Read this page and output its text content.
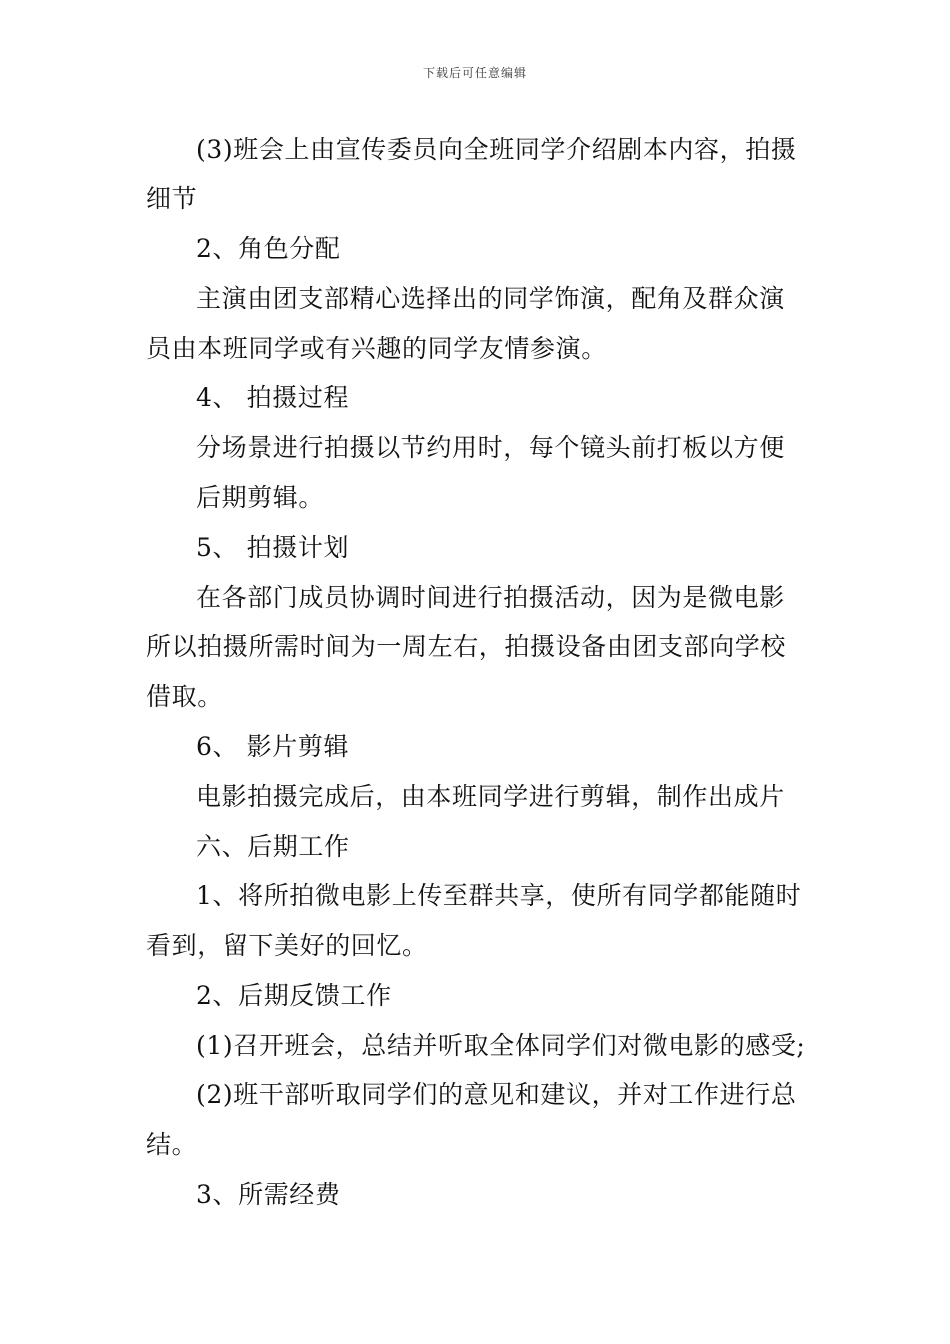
下载后可任意编辑
(3)班会上由宣传委员向全班同学介绍剧本内容，拍摄
细节
2、角色分配
主演由团支部精心选择出的同学饰演，配角及群众演
员由本班同学或有兴趣的同学友情参演。
4、 拍摄过程
分场景进行拍摄以节约用时，每个镜头前打板以方便
后期剪辑。
5、 拍摄计划
在各部门成员协调时间进行拍摄活动，因为是微电影
所以拍摄所需时间为一周左右，拍摄设备由团支部向学校
借取。
6、 影片剪辑
电影拍摄完成后，由本班同学进行剪辑，制作出成片
六、后期工作
1、将所拍微电影上传至群共享，使所有同学都能随时
看到，留下美好的回忆。
2、后期反馈工作
(1)召开班会，总结并听取全体同学们对微电影的感受;
(2)班干部听取同学们的意见和建议，并对工作进行总
结。
3、所需经费
